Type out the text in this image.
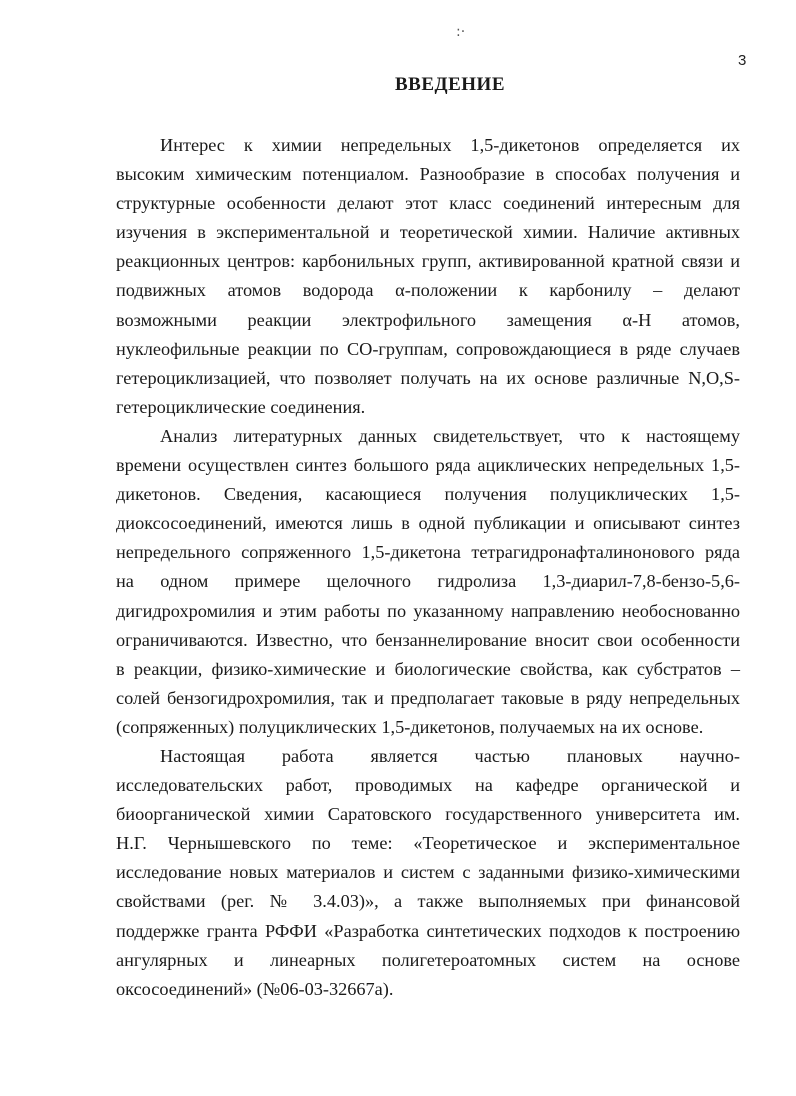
:·
3
ВВЕДЕНИЕ
Интерес к химии непредельных 1,5-дикетонов определяется их
высоким химическим потенциалом. Разнообразие в способах получения и
структурные особенности делают этот класс соединений интересным для
изучения в экспериментальной и теоретической химии. Наличие активных
реакционных центров: карбонильных групп, активированной кратной связи и
подвижных атомов водорода α-положении к карбонилу – делают
возможными реакции электрофильного замещения α-Н атомов,
нуклеофильные реакции по СО-группам, сопровождающиеся в ряде случаев
гетероциклизацией, что позволяет получать на их основе различные N,O,S-
гетероциклические соединения.
Анализ литературных данных свидетельствует, что к настоящему
времени осуществлен синтез большого ряда ациклических непредельных 1,5-
дикетонов. Сведения, касающиеся получения полуциклических 1,5-
диоксосоединений, имеются лишь в одной публикации и описывают синтез
непредельного сопряженного 1,5-дикетона тетрагидронафталинонового ряда
на одном примере щелочного гидролиза 1,3-диарил-7,8-бензо-5,6-
дигидрохромилия и этим работы по указанному направлению необоснованно
ограничиваются. Известно, что бензаннелирование вносит свои особенности
в реакции, физико-химические и биологические свойства, как субстратов –
солей бензогидрохромилия, так и предполагает таковые в ряду непредельных
(сопряженных) полуциклических 1,5-дикетонов, получаемых на их основе.
Настоящая работа является частью плановых научно-
исследовательских работ, проводимых на кафедре органической и
биоорганической химии Саратовского государственного университета им.
Н.Г. Чернышевского по теме: «Теоретическое и экспериментальное
исследование новых материалов и систем с заданными физико-химическими
свойствами (рег. № 3.4.03)», а также выполняемых при финансовой
поддержке гранта РФФИ «Разработка синтетических подходов к построению
ангулярных и линеарных полигетероатомных систем на основе
оксосоединений» (№06-03-32667а).
